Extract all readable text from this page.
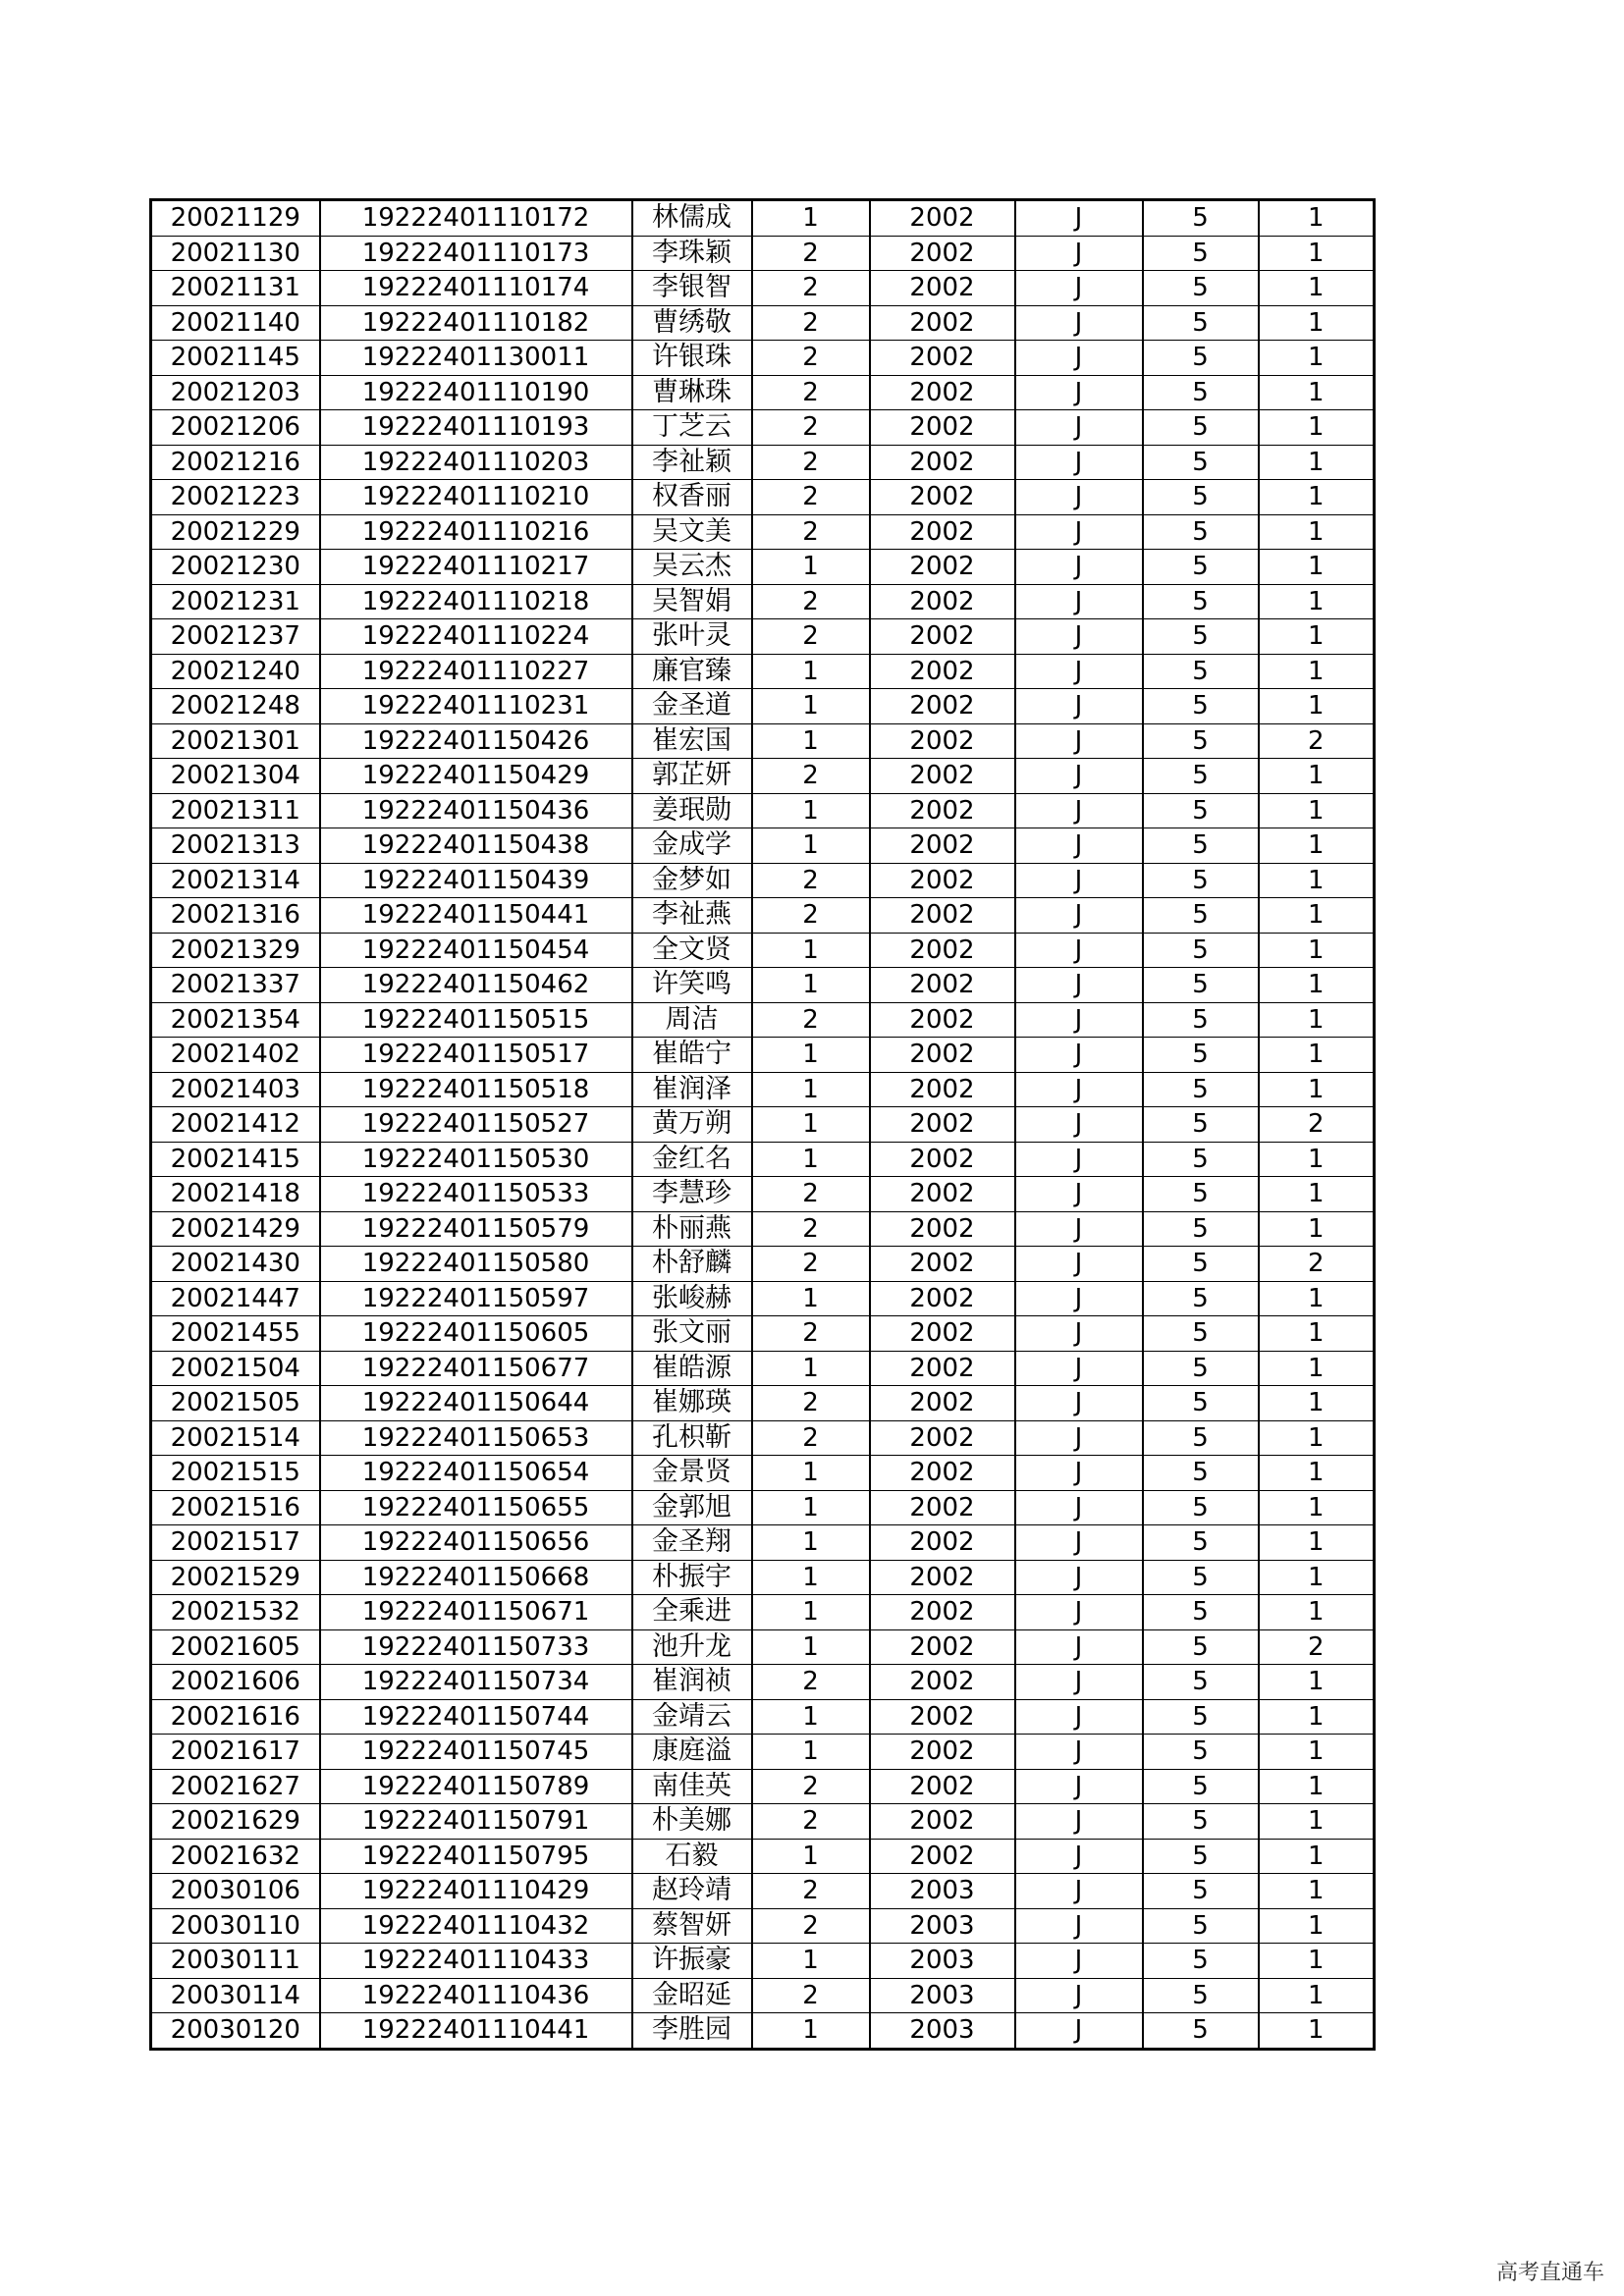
20021129	19222401110172	林儒成	1	2002	J	5	1
20021130	19222401110173	李珠颖	2	2002	J	5	1
20021131	19222401110174	李银智	2	2002	J	5	1
20021140	19222401110182	曹绣敬	2	2002	J	5	1
20021145	19222401130011	许银珠	2	2002	J	5	1
20021203	19222401110190	曹琳珠	2	2002	J	5	1
20021206	19222401110193	丁芝云	2	2002	J	5	1
20021216	19222401110203	李祉颖	2	2002	J	5	1
20021223	19222401110210	权香丽	2	2002	J	5	1
20021229	19222401110216	吴文美	2	2002	J	5	1
20021230	19222401110217	吴云杰	1	2002	J	5	1
20021231	19222401110218	吴智娟	2	2002	J	5	1
20021237	19222401110224	张叶灵	2	2002	J	5	1
20021240	19222401110227	廉官臻	1	2002	J	5	1
20021248	19222401110231	金圣道	1	2002	J	5	1
20021301	19222401150426	崔宏国	1	2002	J	5	2
20021304	19222401150429	郭芷妍	2	2002	J	5	1
20021311	19222401150436	姜珉勋	1	2002	J	5	1
20021313	19222401150438	金成学	1	2002	J	5	1
20021314	19222401150439	金梦如	2	2002	J	5	1
20021316	19222401150441	李祉燕	2	2002	J	5	1
20021329	19222401150454	全文贤	1	2002	J	5	1
20021337	19222401150462	许笑鸣	1	2002	J	5	1
20021354	19222401150515	周洁	2	2002	J	5	1
20021402	19222401150517	崔皓宁	1	2002	J	5	1
20021403	19222401150518	崔润泽	1	2002	J	5	1
20021412	19222401150527	黄万朔	1	2002	J	5	2
20021415	19222401150530	金红名	1	2002	J	5	1
20021418	19222401150533	李慧珍	2	2002	J	5	1
20021429	19222401150579	朴丽燕	2	2002	J	5	1
20021430	19222401150580	朴舒麟	2	2002	J	5	2
20021447	19222401150597	张峻赫	1	2002	J	5	1
20021455	19222401150605	张文丽	2	2002	J	5	1
20021504	19222401150677	崔皓源	1	2002	J	5	1
20021505	19222401150644	崔娜瑛	2	2002	J	5	1
20021514	19222401150653	孔枳靳	2	2002	J	5	1
20021515	19222401150654	金景贤	1	2002	J	5	1
20021516	19222401150655	金郭旭	1	2002	J	5	1
20021517	19222401150656	金圣翔	1	2002	J	5	1
20021529	19222401150668	朴振宇	1	2002	J	5	1
20021532	19222401150671	全乘进	1	2002	J	5	1
20021605	19222401150733	池升龙	1	2002	J	5	2
20021606	19222401150734	崔润祯	2	2002	J	5	1
20021616	19222401150744	金靖云	1	2002	J	5	1
20021617	19222401150745	康庭溢	1	2002	J	5	1
20021627	19222401150789	南佳英	2	2002	J	5	1
20021629	19222401150791	朴美娜	2	2002	J	5	1
20021632	19222401150795	石毅	1	2002	J	5	1
20030106	19222401110429	赵玲靖	2	2003	J	5	1
20030110	19222401110432	蔡智妍	2	2003	J	5	1
20030111	19222401110433	许振豪	1	2003	J	5	1
20030114	19222401110436	金昭延	2	2003	J	5	1
20030120	19222401110441	李胜园	1	2003	J	5	1
高考直通车
